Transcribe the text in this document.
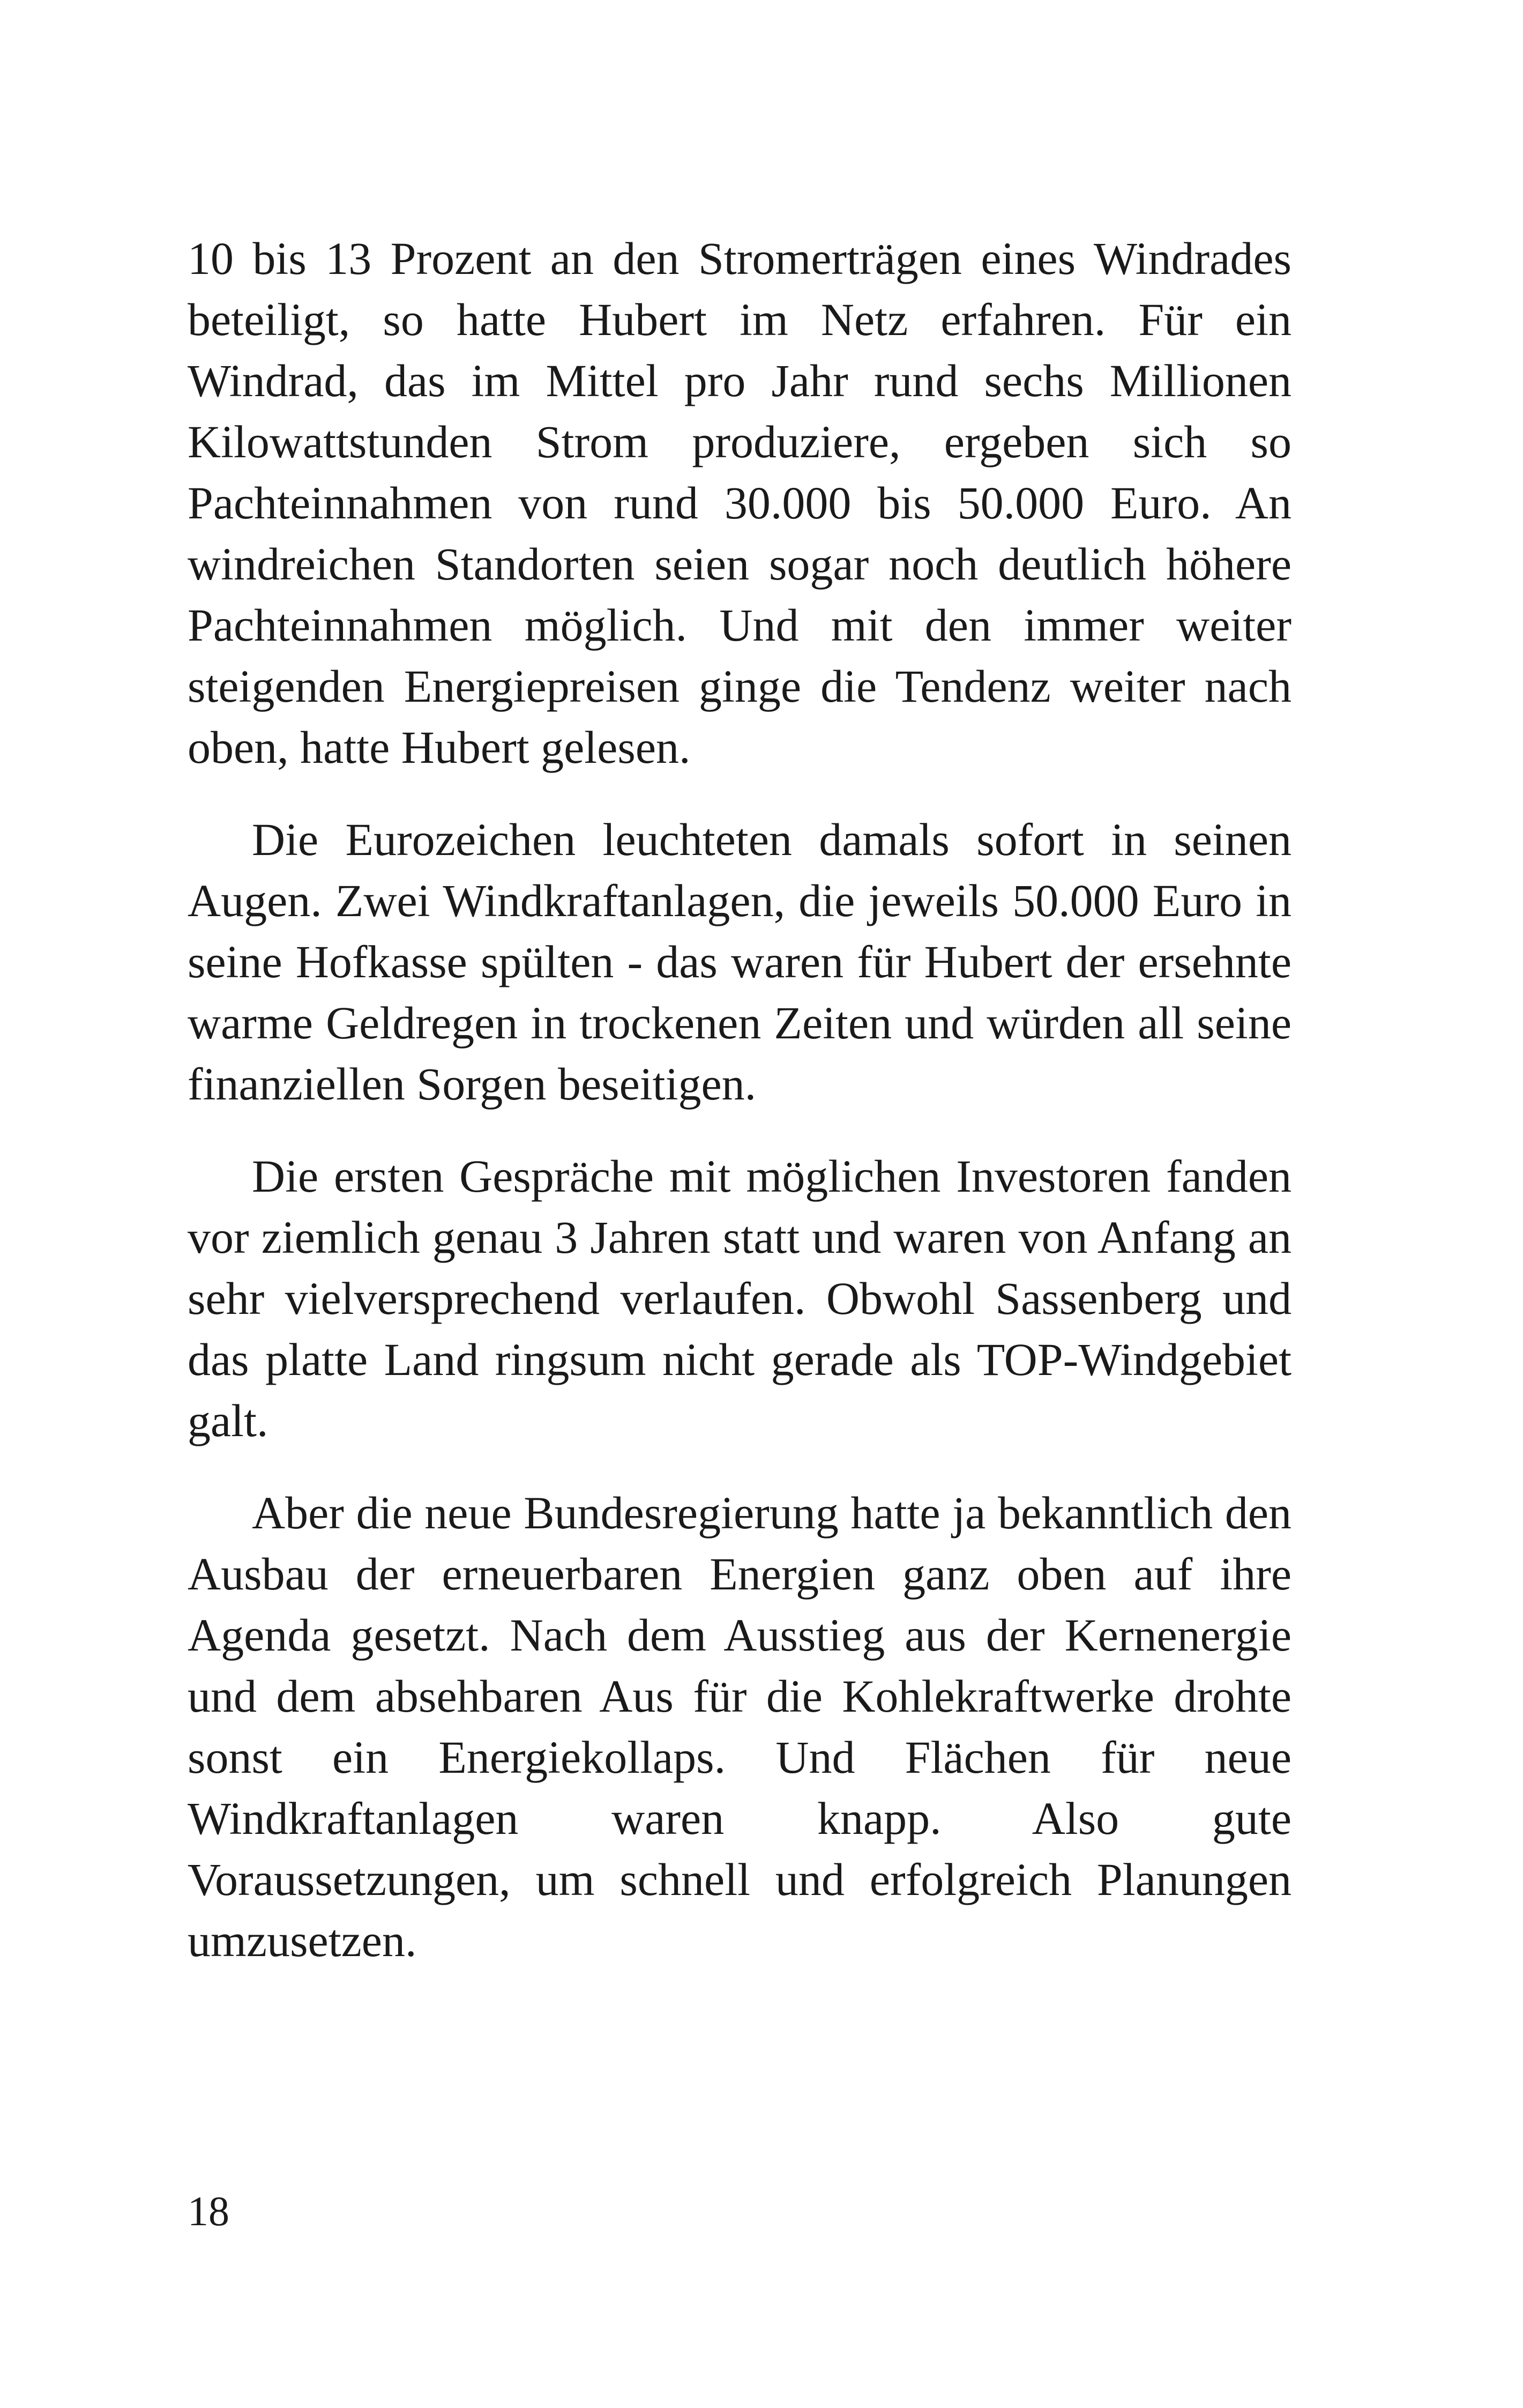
10 bis 13 Prozent an den Stromerträgen eines Windrades beteiligt, so hatte Hubert im Netz erfahren. Für ein Windrad, das im Mittel pro Jahr rund sechs Millionen Kilowattstunden Strom produziere, ergeben sich so Pachteinnahmen von rund 30.000 bis 50.000 Euro. An windreichen Standorten seien sogar noch deutlich höhere Pachteinnahmen möglich. Und mit den immer weiter steigenden Energiepreisen ginge die Tendenz weiter nach oben, hatte Hubert gelesen.

Die Eurozeichen leuchteten damals sofort in seinen Augen. Zwei Windkraftanlagen, die jeweils 50.000 Euro in seine Hofkasse spülten - das waren für Hubert der ersehnte warme Geldregen in trockenen Zeiten und würden all seine finanziellen Sorgen beseitigen.

Die ersten Gespräche mit möglichen Investoren fanden vor ziemlich genau 3 Jahren statt und waren von Anfang an sehr vielversprechend verlaufen. Obwohl Sassenberg und das platte Land ringsum nicht gerade als TOP-Windgebiet galt.

Aber die neue Bundesregierung hatte ja bekanntlich den Ausbau der erneuerbaren Energien ganz oben auf ihre Agenda gesetzt. Nach dem Ausstieg aus der Kernenergie und dem absehbaren Aus für die Kohlekraftwerke drohte sonst ein Energiekollaps. Und Flächen für neue Windkraftanlagen waren knapp. Also gute Voraussetzungen, um schnell und erfolgreich Planungen umzusetzen.

18
